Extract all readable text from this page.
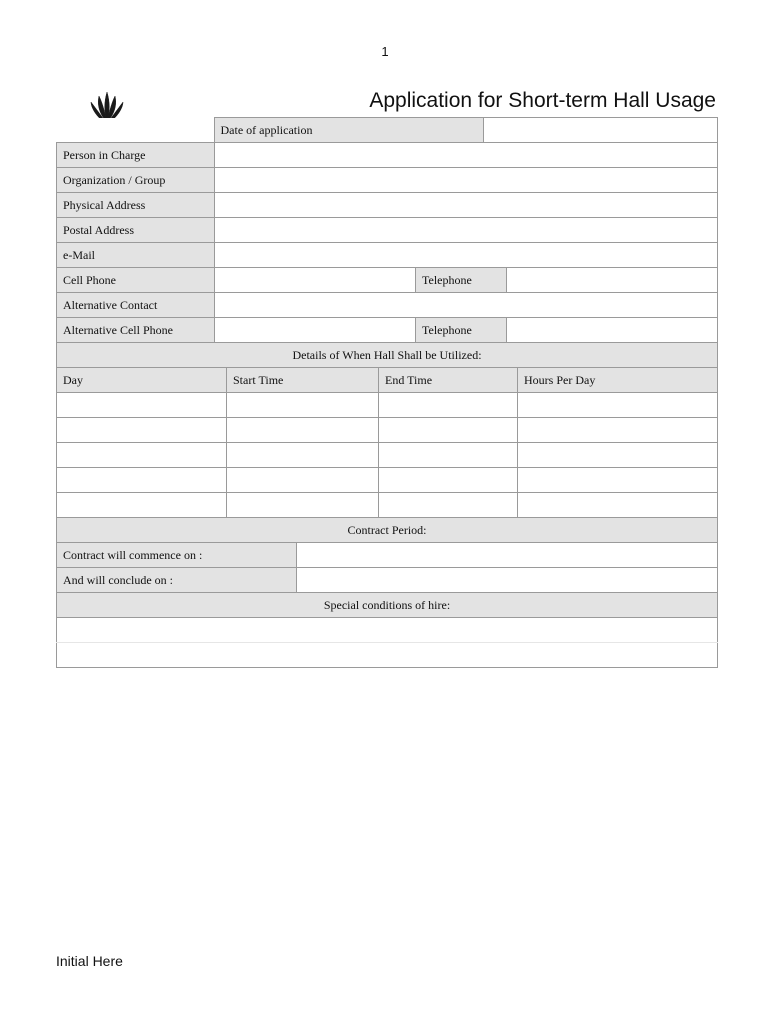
1
Application for Short-term Hall Usage
	Date of application	
Person in Charge	
Organization / Group	
Physical Address	
Postal Address	
e-Mail	
Cell Phone		Telephone	
Alternative Contact	
Alternative Cell Phone		Telephone	
Details of When Hall Shall be Utilized:			
Day	Start Time	End Time	Hours Per Day

Contract Period:	
Contract will commence on :	
And will conclude on :	
Special conditions of hire:	

Initial Here
